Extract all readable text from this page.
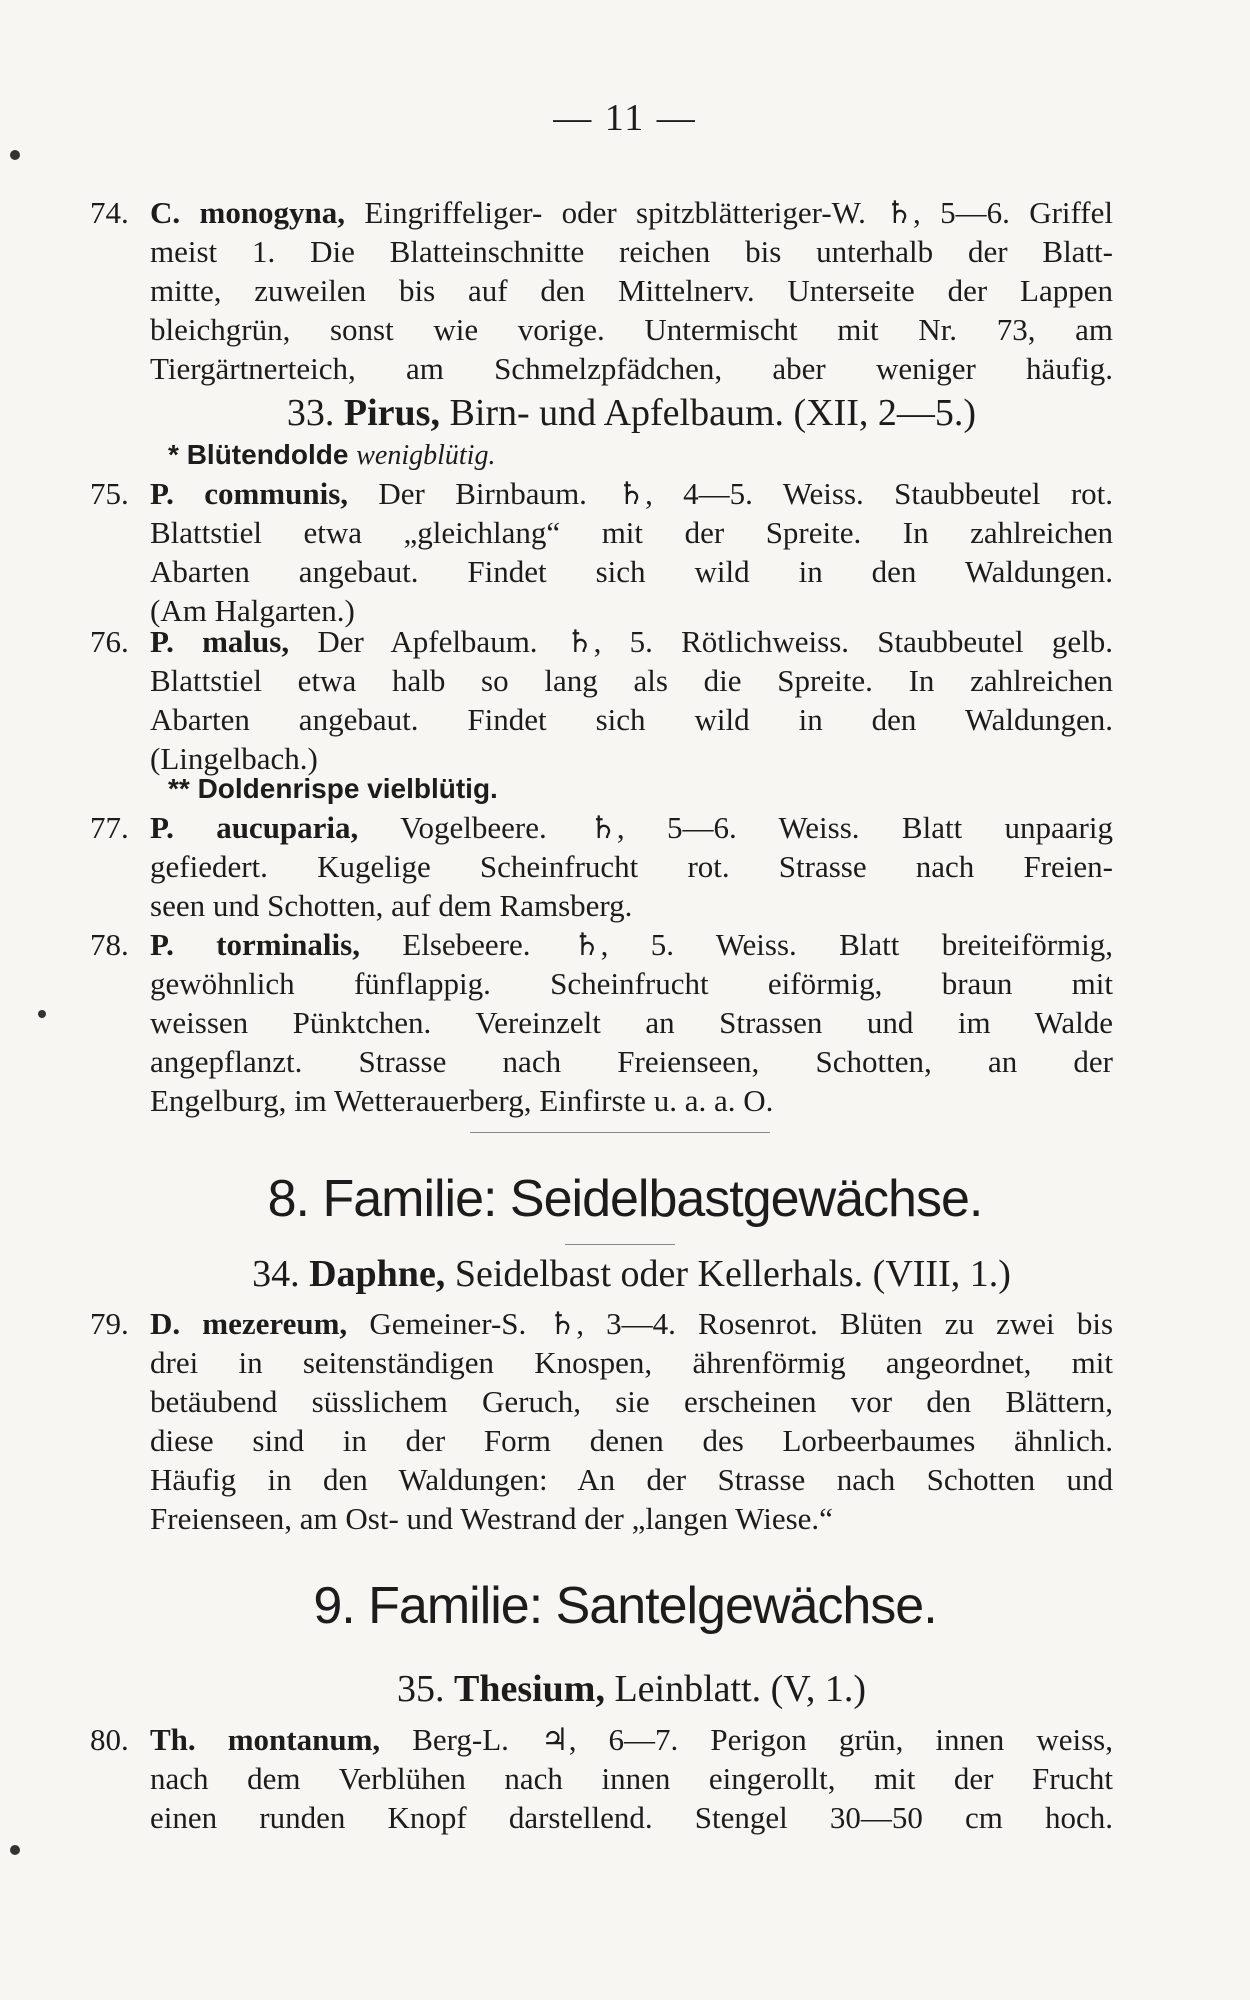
— 11 —
74. C. monogyna, Eingriffeliger- oder spitzblätteriger-W. ♄, 5—6. Griffel
meist 1. Die Blatteinschnitte reichen bis unterhalb der Blatt-
mitte, zuweilen bis auf den Mittelnerv. Unterseite der Lappen
bleichgrün, sonst wie vorige. Untermischt mit Nr. 73, am
Tiergärtnerteich, am Schmelzpfädchen, aber weniger häufig.
33. Pirus, Birn- und Apfelbaum. (XII, 2—5.)
* Blütendolde wenigblütig.
75. P. communis, Der Birnbaum. ♄, 4—5. Weiss. Staubbeutel rot.
Blattstiel etwa „gleichlang“ mit der Spreite. In zahlreichen
Abarten angebaut. Findet sich wild in den Waldungen.
(Am Halgarten.)
76. P. malus, Der Apfelbaum. ♄, 5. Rötlichweiss. Staubbeutel gelb.
Blattstiel etwa halb so lang als die Spreite. In zahlreichen
Abarten angebaut. Findet sich wild in den Waldungen.
(Lingelbach.)
** Doldenrispe vielblütig.
77. P. aucuparia, Vogelbeere. ♄, 5—6. Weiss. Blatt unpaarig
gefiedert. Kugelige Scheinfrucht rot. Strasse nach Freien-
seen und Schotten, auf dem Ramsberg.
78. P. torminalis, Elsebeere. ♄, 5. Weiss. Blatt breiteiförmig,
gewöhnlich fünflappig. Scheinfrucht eiförmig, braun mit
weissen Pünktchen. Vereinzelt an Strassen und im Walde
angepflanzt. Strasse nach Freienseen, Schotten, an der
Engelburg, im Wetterauerberg, Einfirste u. a. a. O.
8. Familie: Seidelbastgewächse.
34. Daphne, Seidelbast oder Kellerhals. (VIII, 1.)
79. D. mezereum, Gemeiner-S. ♄, 3—4. Rosenrot. Blüten zu zwei bis
drei in seitenständigen Knospen, ährenförmig angeordnet, mit
betäubend süsslichem Geruch, sie erscheinen vor den Blättern,
diese sind in der Form denen des Lorbeerbaumes ähnlich.
Häufig in den Waldungen: An der Strasse nach Schotten und
Freienseen, am Ost- und Westrand der „langen Wiese.“
9. Familie: Santelgewächse.
35. Thesium, Leinblatt. (V, 1.)
80. Th. montanum, Berg-L. ♃, 6—7. Perigon grün, innen weiss,
nach dem Verblühen nach innen eingerollt, mit der Frucht
einen runden Knopf darstellend. Stengel 30—50 cm hoch.
